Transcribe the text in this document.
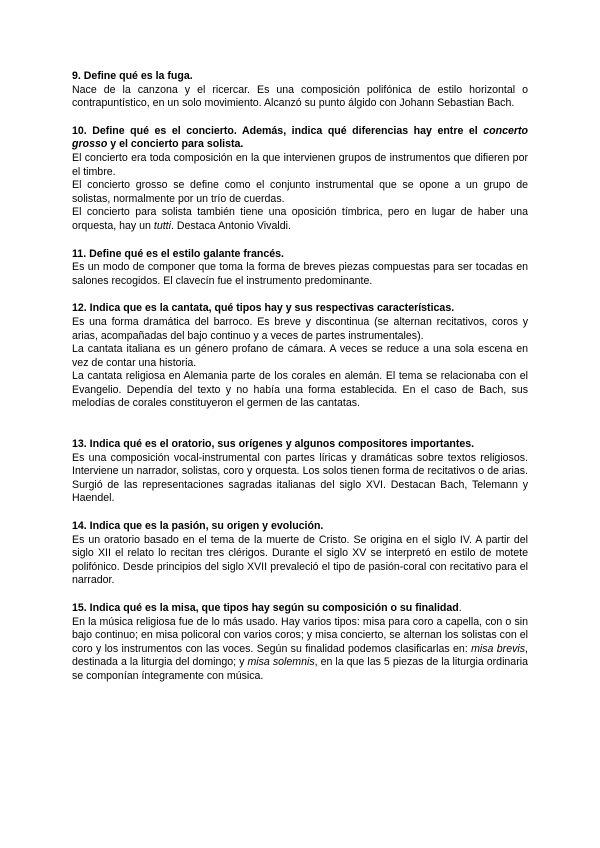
9. Define qué es la fuga.

Nace de la canzona y el ricercar. Es una composición polifónica de estilo horizontal o contrapuntístico, en un solo movimiento. Alcanzó su punto álgido con Johann Sebastian Bach.

10. Define qué es el concierto. Además, indica qué diferencias hay entre el concerto grosso y el concierto para solista.

El concierto era toda composición en la que intervienen grupos de instrumentos que difieren por el timbre.

El concierto grosso se define como el conjunto instrumental que se opone a un grupo de solistas, normalmente por un trío de cuerdas.

El concierto para solista también tiene una oposición tímbrica, pero en lugar de haber una orquesta, hay un tutti. Destaca Antonio Vivaldi.

11. Define qué es el estilo galante francés.

Es un modo de componer que toma la forma de breves piezas compuestas para ser tocadas en salones recogidos. El clavecín fue el instrumento predominante.

12. Indica que es la cantata, qué tipos hay y sus respectivas características.

Es una forma dramática del barroco. Es breve y discontinua (se alternan recitativos, coros y arias, acompañadas del bajo continuo y a veces de partes instrumentales).

La cantata italiana es un género profano de cámara. A veces se reduce a una sola escena en vez de contar una historia.

La cantata religiosa en Alemania parte de los corales en alemán. El tema se relacionaba con el Evangelio. Dependía del texto y no había una forma establecida. En el caso de Bach, sus melodías de corales constituyeron el germen de las cantatas.

13. Indica qué es el oratorio, sus orígenes y algunos compositores importantes.

Es una composición vocal-instrumental con partes líricas y dramáticas sobre textos religiosos. Interviene un narrador, solistas, coro y orquesta. Los solos tienen forma de recitativos o de arias. Surgió de las representaciones sagradas italianas del siglo XVI. Destacan Bach, Telemann y Haendel.

14. Indica que es la pasión, su origen y evolución.

Es un oratorio basado en el tema de la muerte de Cristo. Se origina en el siglo IV. A partir del siglo XII el relato lo recitan tres clérigos. Durante el siglo XV se interpretó en estilo de motete polifónico. Desde principios del siglo XVII prevaleció el tipo de pasión-coral con recitativo para el narrador.

15. Indica qué es la misa, que tipos hay según su composición o su finalidad.

En la música religiosa fue de lo más usado. Hay varios tipos: misa para coro a capella, con o sin bajo continuo; en misa policoral con varios coros; y misa concierto, se alternan los solistas con el coro y los instrumentos con las voces. Según su finalidad podemos clasificarlas en: misa brevis, destinada a la liturgia del domingo; y misa solemnis, en la que las 5 piezas de la liturgia ordinaria se componían íntegramente con música.
